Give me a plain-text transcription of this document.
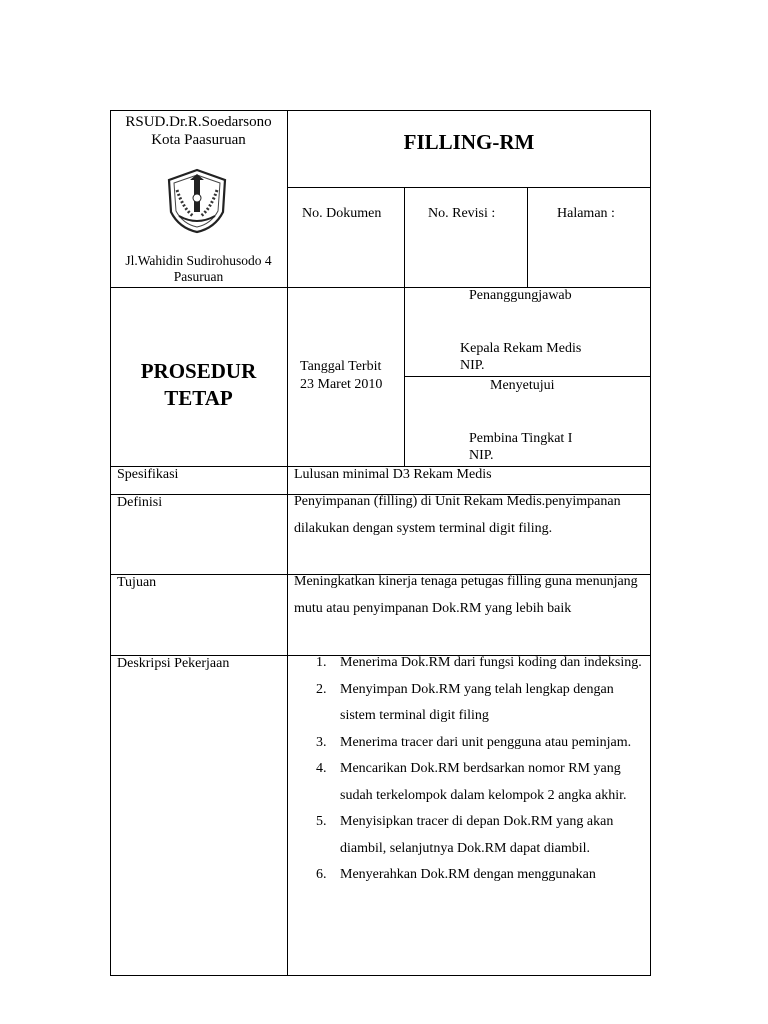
RSUD.Dr.R.Soedarsono
Kota Paasuruan
Jl.Wahidin Sudirohusodo 4
Pasuruan
FILLING-RM
No. Dokumen	No. Revisi :	Halaman :
PROSEDUR
TETAP
Tanggal Terbit
23 Maret 2010
Penanggungjawab
Kepala Rekam Medis
NIP.
Menyetujui
Pembina Tingkat I
NIP.
Spesifikasi	Lulusan minimal D3 Rekam Medis
Definisi	Penyimpanan (filling) di Unit Rekam Medis.penyimpanan dilakukan dengan system terminal digit filing.
Tujuan	Meningkatkan kinerja tenaga petugas filling guna menunjang mutu atau penyimpanan Dok.RM yang lebih baik
Deskripsi Pekerjaan	1. Menerima Dok.RM dari fungsi koding dan indeksing.
2. Menyimpan Dok.RM yang telah lengkap dengan sistem terminal digit filing
3. Menerima tracer dari unit pengguna atau peminjam.
4. Mencarikan Dok.RM berdsarkan nomor RM yang sudah terkelompok dalam kelompok 2 angka akhir.
5. Menyisipkan tracer di depan Dok.RM yang akan diambil, selanjutnya Dok.RM dapat diambil.
6. Menyerahkan Dok.RM dengan menggunakan
